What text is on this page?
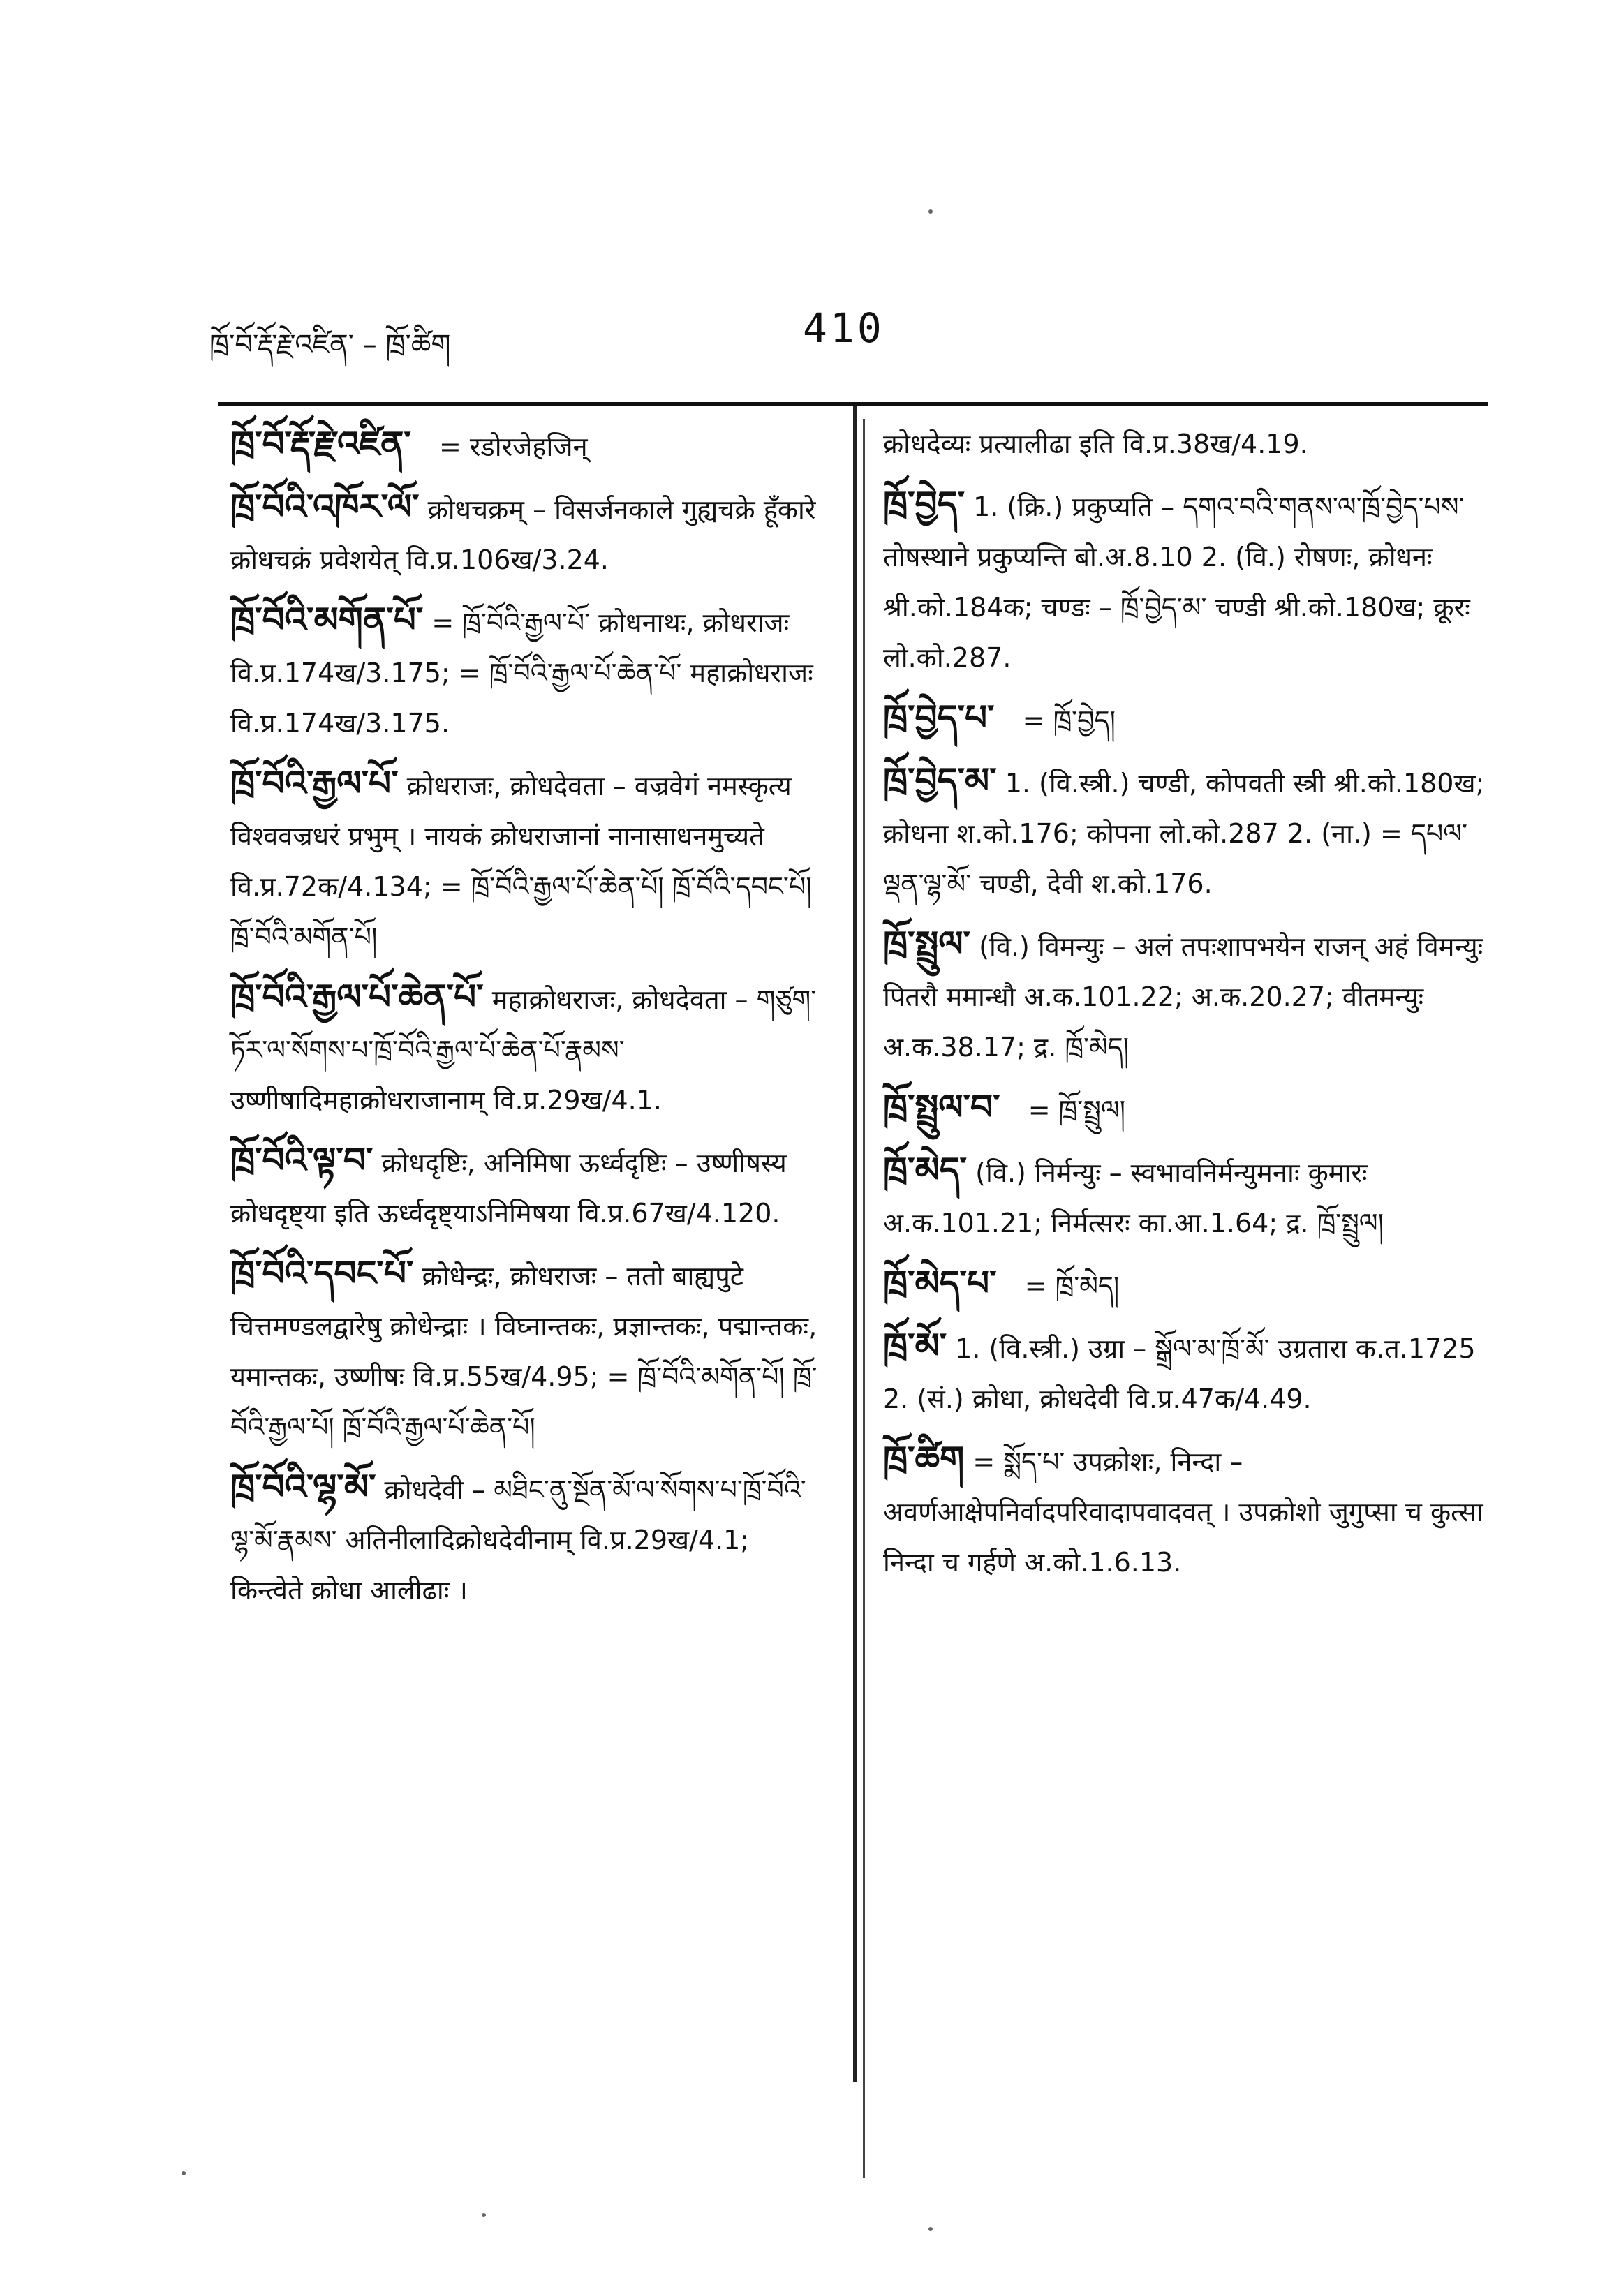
ཁྲོ་བོ་རྡོ་རྗེ་འཛིན་ – ཁྲོ་ཚིག	410
ཁྲོ་བོ་རྡོ་རྗེ་འཛིན་ = रडोरजेहजिन्
ཁྲོ་བོའི་འཁོར་ལོ་ क्रोधचक्रम् – विसर्जनकाले गुह्यचक्रे हूँकारे क्रोधचक्रं प्रवेशयेत् वि.प्र.106ख/3.24.
ཁྲོ་བོའི་མགོན་པོ་ = ཁྲོ་བོའི་རྒྱལ་པོ་ क्रोधनाथः, क्रोधराजः वि.प्र.174ख/3.175; = ཁྲོ་བོའི་རྒྱལ་པོ་ཆེན་པོ་ महाक्रोधराजः वि.प्र.174ख/3.175.
ཁྲོ་བོའི་རྒྱལ་པོ་ क्रोधराजः, क्रोधदेवता – वज्रवेगं नमस्कृत्य विश्ववज्रधरं प्रभुम् । नायकं क्रोधराजानां नानासाधनमुच्यते वि.प्र.72क/4.134; = ཁྲོ་བོའི་རྒྱལ་པོ་ཆེན་པོ། ཁྲོ་བོའི་དབང་པོ། ཁྲོ་བོའི་མགོན་པོ།
ཁྲོ་བོའི་རྒྱལ་པོ་ཆེན་པོ་ महाक्रोधराजः, क्रोधदेवता – གཙུག་ཏོར་ལ་སོགས་པ་ཁྲོ་བོའི་རྒྱལ་པོ་ཆེན་པོ་རྣམས་ उष्णीषादिमहाक्रोधराजानाम् वि.प्र.29ख/4.1.
ཁྲོ་བོའི་ལྟ་བ་ क्रोधदृष्टिः, अनिमिषा ऊर्ध्वदृष्टिः – उष्णीषस्य क्रोधदृष्ट्या इति ऊर्ध्वदृष्ट्याऽनिमिषया वि.प्र.67ख/4.120.
ཁྲོ་བོའི་དབང་པོ་ क्रोधेन्द्रः, क्रोधराजः – ततो बाह्यपुटे चित्तमण्डलद्वारेषु क्रोधेन्द्राः । विघ्नान्तकः, प्रज्ञान्तकः, पद्मान्तकः, यमान्तकः, उष्णीषः वि.प्र.55ख/4.95; = ཁྲོ་བོའི་མགོན་པོ། ཁྲོ་བོའི་རྒྱལ་པོ། ཁྲོ་བོའི་རྒྱལ་པོ་ཆེན་པོ།
ཁྲོ་བོའི་ལྷ་མོ་ क्रोधदेवी – མཐིང་ནུ་སྔོན་མོ་ལ་སོགས་པ་ཁྲོ་བོའི་ལྷ་མོ་རྣམས་ अतिनीलादिक्रोधदेवीनाम् वि.प्र.29ख/4.1; किन्त्वेते क्रोधा आलीढाः ।
क्रोधदेव्यः प्रत्यालीढा इति वि.प्र.38ख/4.19.
ཁྲོ་བྱེད་ 1. (क्रि.) प्रकुप्यति – དགའ་བའི་གནས་ལ་ཁྲོ་བྱེད་པས་ तोषस्थाने प्रकुप्यन्ति बो.अ.8.10 2. (वि.) रोषणः, क्रोधनः श्री.को.184क; चण्डः – ཁྲོ་བྱེད་མ་ चण्डी श्री.को.180ख; क्रूरः लो.को.287.
ཁྲོ་བྱེད་པ་ = ཁྲོ་བྱེད།
ཁྲོ་བྱེད་མ་ 1. (वि.स्त्री.) चण्डी, कोपवती स्त्री श्री.को.180ख; क्रोधना श.को.176; कोपना लो.को.287 2. (ना.) = དཔལ་ལྡན་ལྷ་མོ་ चण्डी, देवी श.को.176.
ཁྲོ་སྤྲུལ་ (वि.) विमन्युः – अलं तपःशापभयेन राजन् अहं विमन्युः पितरौ ममान्धौ अ.क.101.22; अ.क.20.27; वीतमन्युः अ.क.38.17; द्र. ཁྲོ་མེད།
ཁྲོ་སྤྲུལ་བ་ = ཁྲོ་སྤྲུལ།
ཁྲོ་མེད་ (वि.) निर्मन्युः – स्वभावनिर्मन्युमनाः कुमारः अ.क.101.21; निर्मत्सरः का.आ.1.64; द्र. ཁྲོ་སྤྲུལ།
ཁྲོ་མེད་པ་ = ཁྲོ་མེད།
ཁྲོ་མོ་ 1. (वि.स्त्री.) उग्रा – སྒྲོལ་མ་ཁྲོ་མོ་ उग्रतारा क.त.1725 2. (सं.) क्रोधा, क्रोधदेवी वि.प्र.47क/4.49.
ཁྲོ་ཚིག = སྨོད་པ་ उपक्रोशः, निन्दा – अवर्णआक्षेपनिर्वादपरिवादापवादवत् । उपक्रोशो जुगुप्सा च कुत्सा निन्दा च गर्हणे अ.को.1.6.13.
